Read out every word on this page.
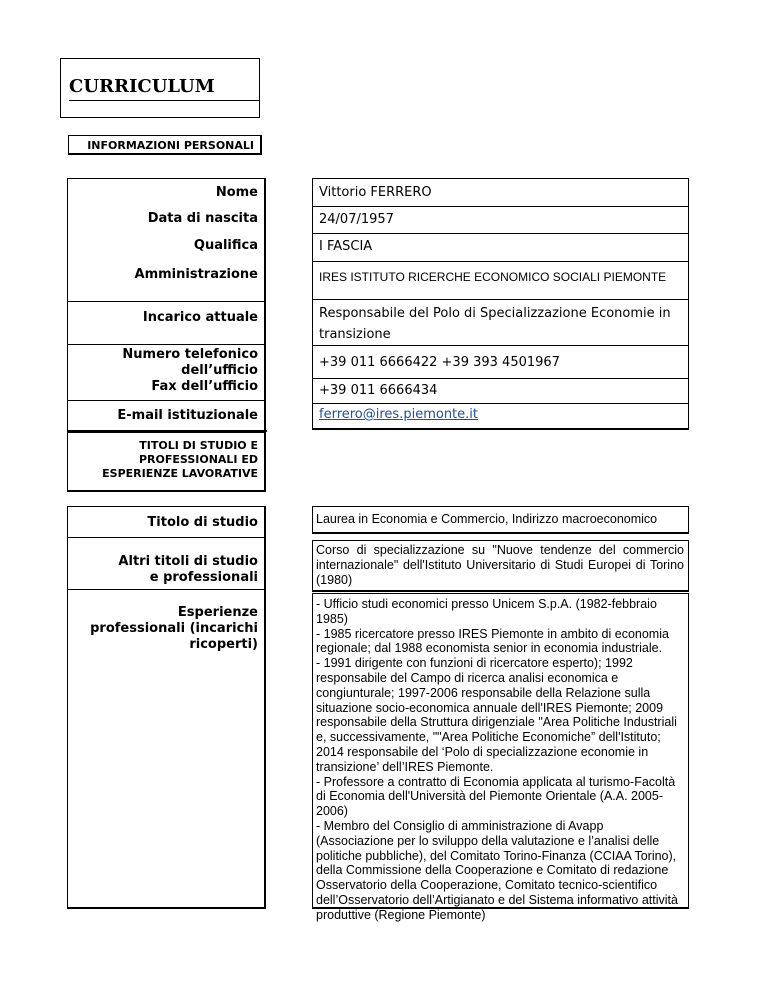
CURRICULUM
INFORMAZIONI PERSONALI
Nome
Data di nascita
Qualifica
Amministrazione
Incarico attuale
Numero telefonico
dell’ufficio
Fax dell’ufficio
E-mail istituzionale
Vittorio FERRERO
24/07/1957
I FASCIA
IRES ISTITUTO RICERCHE ECONOMICO SOCIALI PIEMONTE
Responsabile del Polo di Specializzazione Economie in transizione
+39 011 6666422 +39 393 4501967
+39 011 6666434
ferrero@ires.piemonte.it
TITOLI DI STUDIO E PROFESSIONALI ED ESPERIENZE LAVORATIVE
Titolo di studio
Altri titoli di studio e professionali
Esperienze professionali (incarichi ricoperti)
Laurea in Economia e Commercio, Indirizzo macroeconomico
Corso di specializzazione su "Nuove tendenze del commercio internazionale" dell'Istituto Universitario di Studi Europei di Torino (1980)
- Ufficio studi economici presso Unicem S.p.A. (1982-febbraio 1985)
- 1985 ricercatore presso IRES Piemonte in ambito di economia regionale; dal 1988 economista senior in economia industriale.
- 1991 dirigente con funzioni di ricercatore esperto); 1992 responsabile del Campo di ricerca analisi economica e congiunturale; 1997-2006 responsabile della Relazione sulla situazione socio-economica annuale dell'IRES Piemonte; 2009 responsabile della Struttura dirigenziale "Area Politiche Industriali e, successivamente, ""Area Politiche Economiche” dell'Istituto; 2014 responsabile del ‘Polo di specializzazione economie in transizione’ dell’IRES Piemonte.
- Professore a contratto di Economia applicata al turismo-Facoltà di Economia dell'Università del Piemonte Orientale (A.A. 2005-2006)
- Membro del Consiglio di amministrazione di Avapp (Associazione per lo sviluppo della valutazione e l’analisi delle politiche pubbliche), del Comitato Torino-Finanza (CCIAA Torino), della Commissione della Cooperazione e Comitato di redazione Osservatorio della Cooperazione, Comitato tecnico-scientifico dell’Osservatorio dell’Artigianato e del Sistema informativo attività produttive (Regione Piemonte)
